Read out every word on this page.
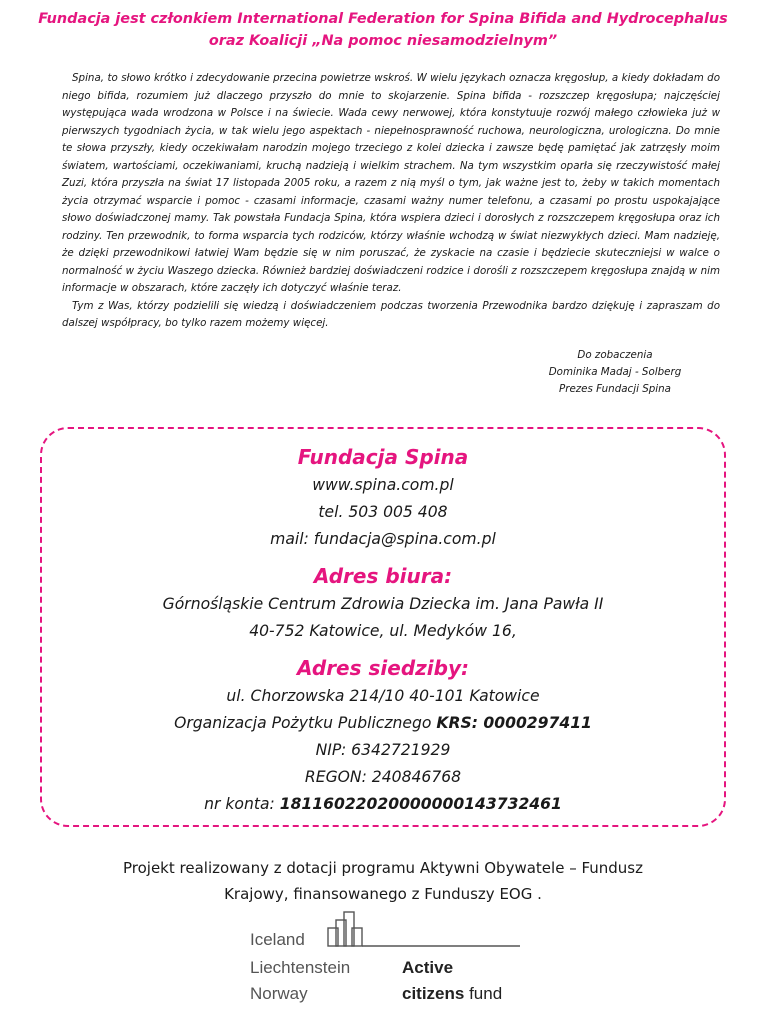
Fundacja jest członkiem International Federation for Spina Bifida and Hydrocephalus
oraz Koalicji „Na pomoc niesamodzielnym”

Spina, to słowo krótko i zdecydowanie przecina powietrze wskroś. W wielu językach oznacza kręgosłup, a kiedy dokładam do niego bifida, rozumiem już dlaczego przyszło do mnie to skojarzenie. Spina bifida - rozszczep kręgosłupa; najczęściej występująca wada wrodzona w Polsce i na świecie. Wada cewy nerwowej, która konstytuuje rozwój małego człowieka już w pierwszych tygodniach życia, w tak wielu jego aspektach - niepełnosprawność ruchowa, neurologiczna, urologiczna. Do mnie te słowa przyszły, kiedy oczekiwałam narodzin mojego trzeciego z kolei dziecka i zawsze będę pamiętać jak zatrzęsły moim światem, wartościami, oczekiwaniami, kruchą nadzieją i wielkim strachem. Na tym wszystkim oparła się rzeczywistość małej Zuzi, która przyszła na świat 17 listopada 2005 roku, a razem z nią myśl o tym, jak ważne jest to, żeby w takich momentach życia otrzymać wsparcie i pomoc - czasami informacje, czasami ważny numer telefonu, a czasami po prostu uspokajające słowo doświadczonej mamy. Tak powstała Fundacja Spina, która wspiera dzieci i dorosłych z rozszczepem kręgosłupa oraz ich rodziny. Ten przewodnik, to forma wsparcia tych rodziców, którzy właśnie wchodzą w świat niezwykłych dzieci. Mam nadzieję, że dzięki przewodnikowi łatwiej Wam będzie się w nim poruszać, że zyskacie na czasie i będziecie skuteczniejsi w walce o normalność w życiu Waszego dziecka. Również bardziej doświadczeni rodzice i dorośli z rozszczepem kręgosłupa znajdą w nim informacje w obszarach, które zaczęły ich dotyczyć właśnie teraz.

Tym z Was, którzy podzielili się wiedzą i doświadczeniem podczas tworzenia Przewodnika bardzo dziękuję i zapraszam do dalszej współpracy, bo tylko razem możemy więcej.

Do zobaczenia
Dominika Madaj - Solberg
Prezes Fundacji Spina
Fundacja Spina
www.spina.com.pl
tel. 503 005 408
mail: fundacja@spina.com.pl
Adres biura:
Górnośląskie Centrum Zdrowia Dziecka im. Jana Pawła II
40-752 Katowice, ul. Medyków 16,
Adres siedziby:
ul. Chorzowska 214/10 40-101 Katowice
Organizacja Pożytku Publicznego KRS: 0000297411
NIP: 6342721929
REGON: 240846768
nr konta: 18116022020000000143732461
Projekt realizowany z dotacji programu Aktywni Obywatele – Fundusz
Krajowy, finansowanego z Funduszy EOG .
Iceland
Liechtenstein
Norway
Active
citizens fund
